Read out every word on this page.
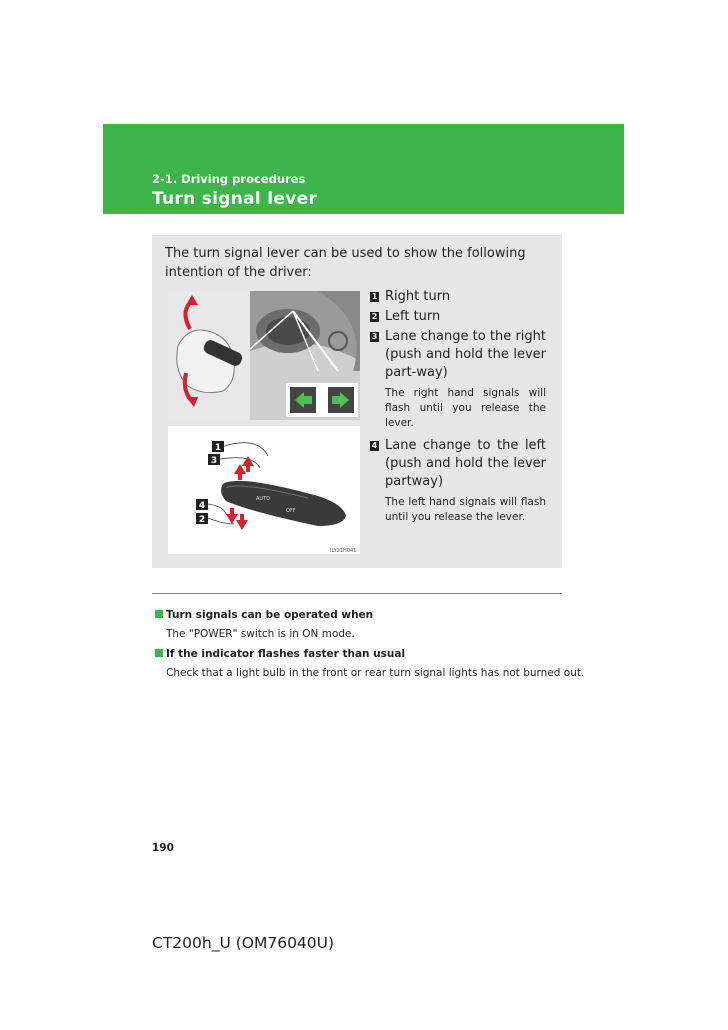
2-1. Driving procedures
Turn signal lever
The turn signal lever can be used to show the following intention of the driver:
1
3
4
2
AUTO
OFF
ILY21H041
1 Right turn
2 Left turn
3 Lane change to the right (push and hold the lever part-way)
The right hand signals will flash until you release the lever.
4 Lane change to the left (push and hold the lever partway)
The left hand signals will flash until you release the lever.
Turn signals can be operated when
The "POWER" switch is in ON mode.
If the indicator flashes faster than usual
Check that a light bulb in the front or rear turn signal lights has not burned out.
190
CT200h_U (OM76040U)
